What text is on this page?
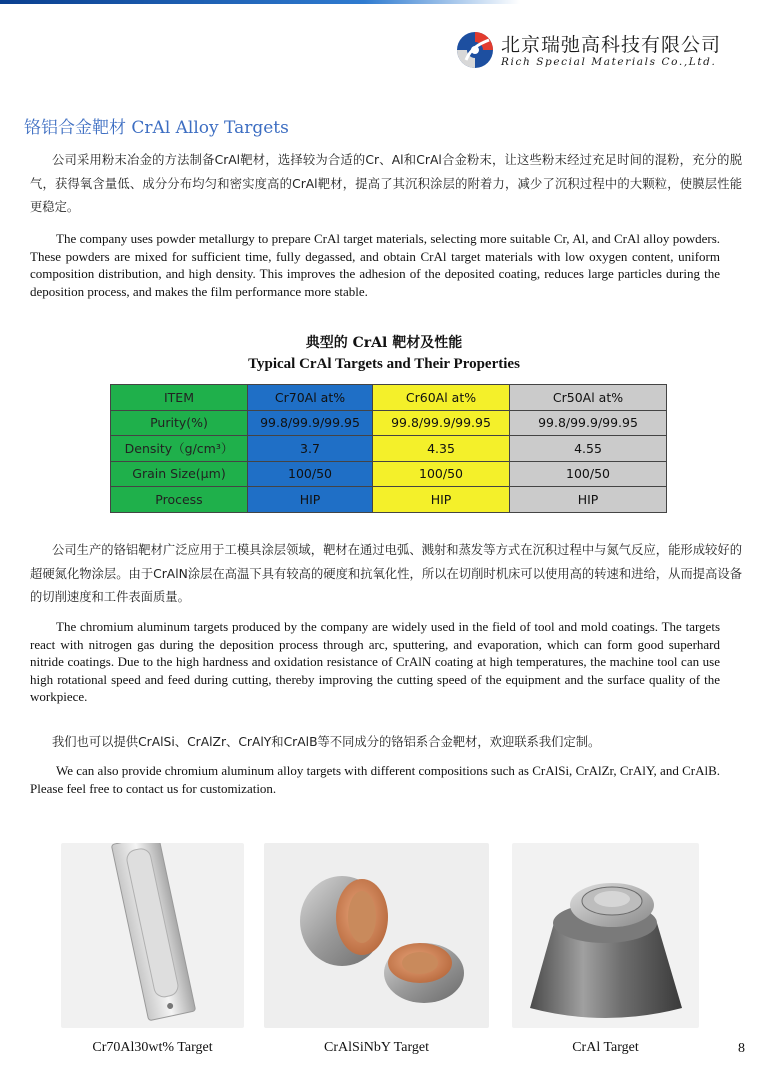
北京瑞弛高科技有限公司
Rich Special Materials Co.,Ltd.
铬铝合金靶材 CrAl Alloy Targets

公司采用粉末冶金的方法制备CrAl靶材，选择较为合适的Cr、Al和CrAl合金粉末，让这些粉末经过充足时间的混粉，充分的脱气，获得氧含量低、成分分布均匀和密实度高的CrAl靶材，提高了其沉积涂层的附着力，减少了沉积过程中的大颗粒，使膜层性能更稳定。

The company uses powder metallurgy to prepare CrAl target materials, selecting more suitable Cr, Al, and CrAl alloy powders. These powders are mixed for sufficient time, fully degassed, and obtain CrAl target materials with low oxygen content, uniform composition distribution, and high density. This improves the adhesion of the deposited coating, reduces large particles during the deposition process, and makes the film performance more stable.

典型的 CrAl 靶材及性能
Typical CrAl Targets and Their Properties
ITEM	Cr70Al at%	Cr60Al at%	Cr50Al at%
Purity(%)	99.8/99.9/99.95	99.8/99.9/99.95	99.8/99.9/99.95
Density（g/cm³）	3.7	4.35	4.55
Grain Size(μm)	100/50	100/50	100/50
Process	HIP	HIP	HIP

公司生产的铬铝靶材广泛应用于工模具涂层领域，靶材在通过电弧、溅射和蒸发等方式在沉积过程中与氮气反应，能形成较好的超硬氮化物涂层。由于CrAlN涂层在高温下具有较高的硬度和抗氧化性，所以在切削时机床可以使用高的转速和进给，从而提高设备的切削速度和工件表面质量。

The chromium aluminum targets produced by the company are widely used in the field of tool and mold coatings. The targets react with nitrogen gas during the deposition process through arc, sputtering, and evaporation, which can form good superhard nitride coatings. Due to the high hardness and oxidation resistance of CrAlN coating at high temperatures, the machine tool can use high rotational speed and feed during cutting, thereby improving the cutting speed of the equipment and the surface quality of the workpiece.

我们也可以提供CrAlSi、CrAlZr、CrAlY和CrAlB等不同成分的铬铝系合金靶材，欢迎联系我们定制。

We can also provide chromium aluminum alloy targets with different compositions such as CrAlSi, CrAlZr, CrAlY, and CrAlB. Please feel free to contact us for customization.

Cr70Al30wt% Target	CrAlSiNbY Target	CrAl Target	8
